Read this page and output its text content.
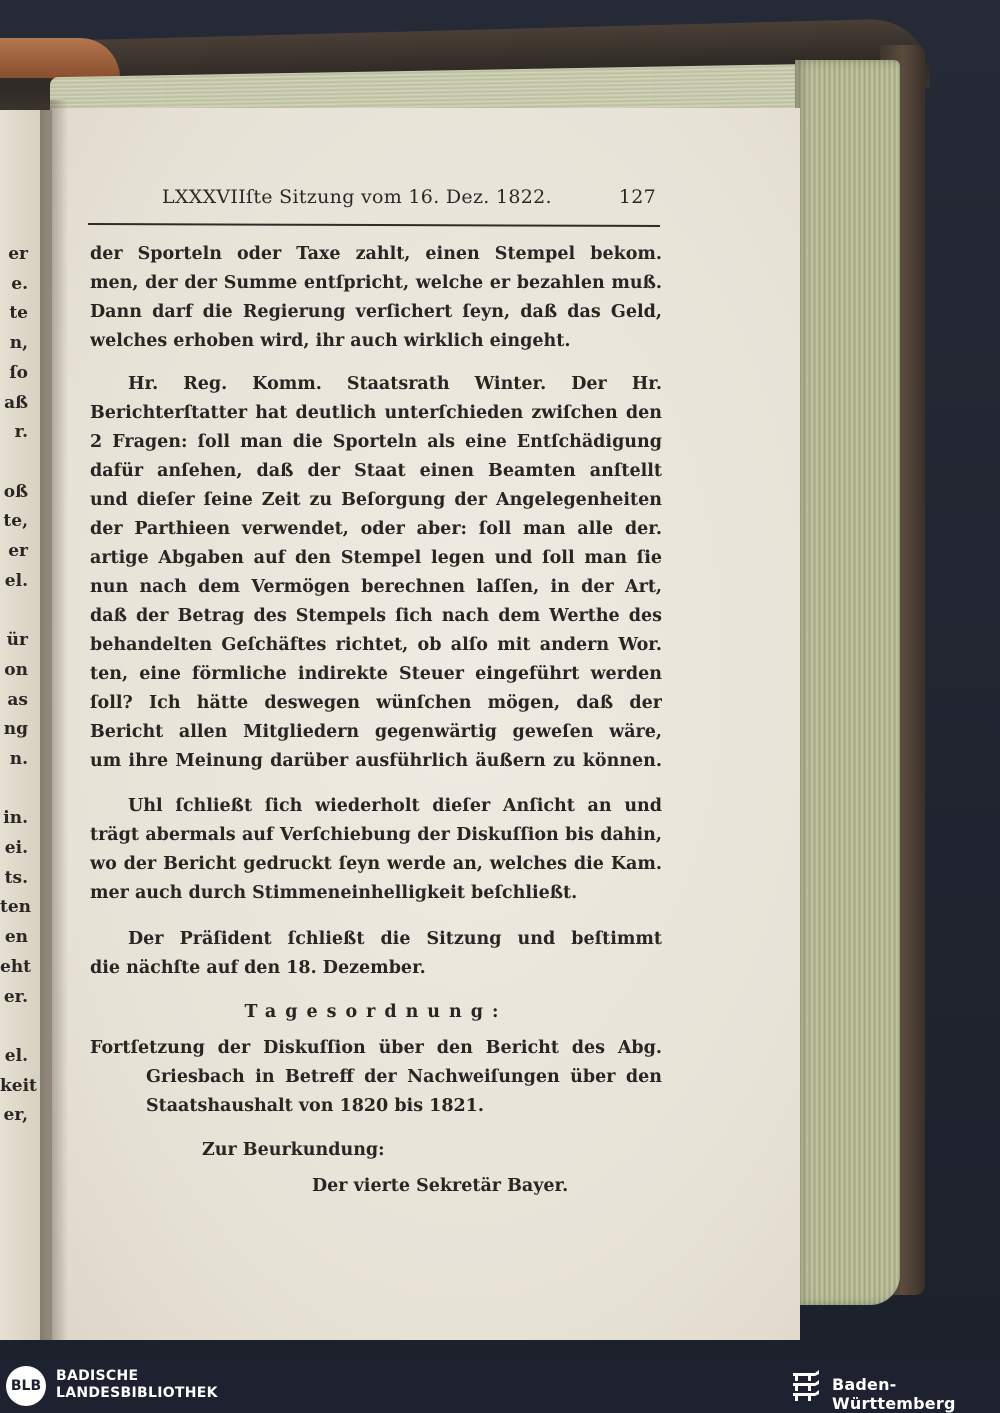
er
e.
te
n,
ſo
aß
r.
oß
te,
er
el.
ür
on
as
ng
n.
in.
ei.
ts.
ten
en
eht
er.
el.
keit
er,
LXXXVIIſte Sitzung vom 16. Dez. 1822.	127
der Sporteln oder Taxe zahlt, einen Stempel bekom.
men, der der Summe entſpricht, welche er bezahlen muß.
Dann darf die Regierung verſichert ſeyn, daß das Geld,
welches erhoben wird, ihr auch wirklich eingeht.
Hr. Reg. Komm. Staatsrath Winter. Der Hr.
Berichterſtatter hat deutlich unterſchieden zwiſchen den
2 Fragen: ſoll man die Sporteln als eine Entſchädigung
dafür anſehen, daß der Staat einen Beamten anſtellt
und dieſer ſeine Zeit zu Beſorgung der Angelegenheiten
der Parthieen verwendet, oder aber: ſoll man alle der.
artige Abgaben auf den Stempel legen und ſoll man ſie
nun nach dem Vermögen berechnen laſſen, in der Art,
daß der Betrag des Stempels ſich nach dem Werthe des
behandelten Geſchäftes richtet, ob alſo mit andern Wor.
ten, eine förmliche indirekte Steuer eingeführt werden
ſoll? Ich hätte deswegen wünſchen mögen, daß der
Bericht allen Mitgliedern gegenwärtig geweſen wäre,
um ihre Meinung darüber ausführlich äußern zu können.
Uhl ſchließt ſich wiederholt dieſer Anſicht an und
trägt abermals auf Verſchiebung der Diskuſſion bis dahin,
wo der Bericht gedruckt ſeyn werde an, welches die Kam.
mer auch durch Stimmeneinhelligkeit beſchließt.
Der Präſident ſchließt die Sitzung und beſtimmt
die nächſte auf den 18. Dezember.
Tagesordnung:
Fortſetzung der Diskuſſion über den Bericht des Abg.
Griesbach in Betreff der Nachweiſungen über den
Staatshaushalt von 1820 bis 1821.
Zur Beurkundung:
Der vierte Sekretär Bayer.
BLB
BADISCHE
LANDESBIBLIOTHEK	Baden-Württemberg
